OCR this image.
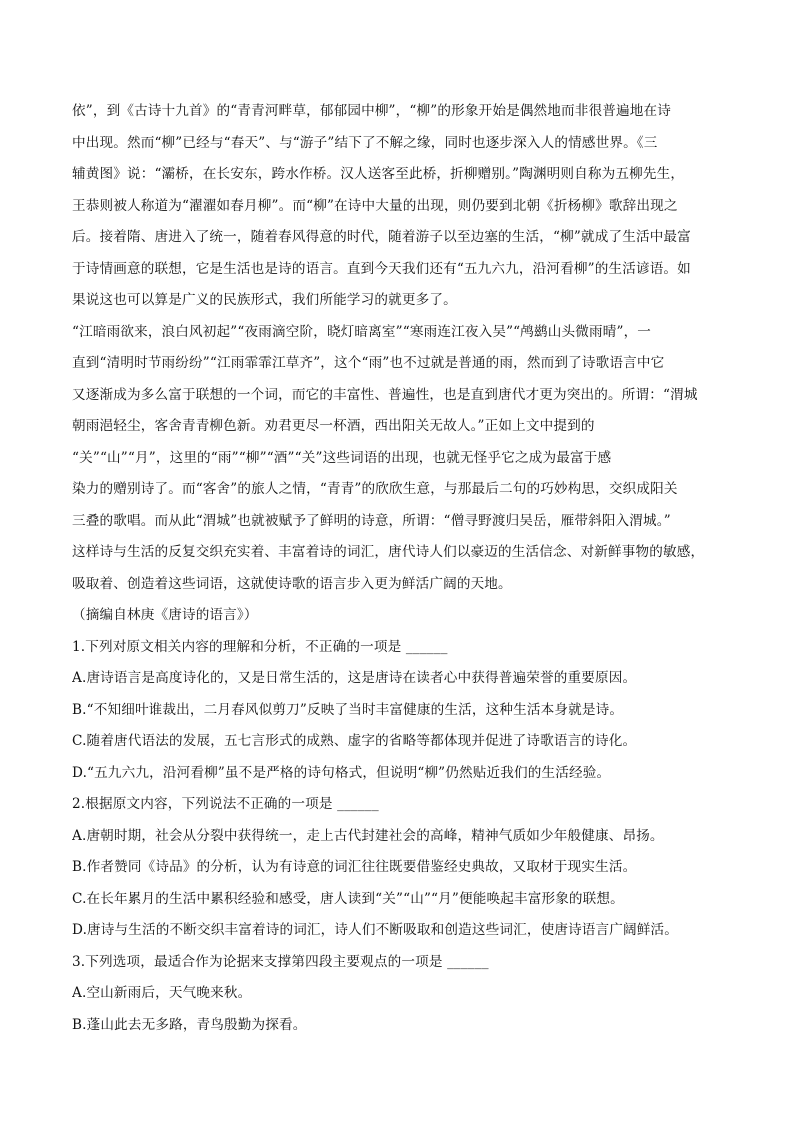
依”，到《古诗十九首》的“青青河畔草，郁郁园中柳”，“柳”的形象开始是偶然地而非很普遍地在诗
中出现。然而“柳”已经与“春天”、与“游子”结下了不解之缘，同时也逐步深入人的情感世界。《三
辅黄图》说：“灞桥，在长安东，跨水作桥。汉人送客至此桥，折柳赠别。”陶渊明则自称为五柳先生，
王恭则被人称道为“濯濯如春月柳”。而“柳”在诗中大量的出现，则仍要到北朝《折杨柳》歌辞出现之
后。接着隋、唐进入了统一，随着春风得意的时代，随着游子以至边塞的生活，“柳”就成了生活中最富
于诗情画意的联想，它是生活也是诗的语言。直到今天我们还有“五九六九，沿河看柳”的生活谚语。如
果说这也可以算是广义的民族形式，我们所能学习的就更多了。
“江暗雨欲来，浪白风初起”“夜雨滴空阶，晓灯暗离室”“寒雨连江夜入吴”“鸬鹚山头微雨晴”，一
直到“清明时节雨纷纷”“江雨霏霏江草齐”，这个“雨”也不过就是普通的雨，然而到了诗歌语言中它
又逐渐成为多么富于联想的一个词，而它的丰富性、普遍性，也是直到唐代才更为突出的。所谓：“渭城
朝雨浥轻尘，客舍青青柳色新。劝君更尽一杯酒，西出阳关无故人。”正如上文中提到的
“关”“山”“月”，这里的“雨”“柳”“酒”“关”这些词语的出现，也就无怪乎它之成为最富于感
染力的赠别诗了。而“客舍”的旅人之情，“青青”的欣欣生意，与那最后二句的巧妙构思，交织成阳关
三叠的歌唱。而从此“渭城”也就被赋予了鲜明的诗意，所谓：“僧寻野渡归吴岳，雁带斜阳入渭城。”
这样诗与生活的反复交织充实着、丰富着诗的词汇，唐代诗人们以豪迈的生活信念、对新鲜事物的敏感，
吸取着、创造着这些词语，这就使诗歌的语言步入更为鲜活广阔的天地。
（摘编自林庚《唐诗的语言》）
1.下列对原文相关内容的理解和分析，不正确的一项是 ______
A.唐诗语言是高度诗化的，又是日常生活的，这是唐诗在读者心中获得普遍荣誉的重要原因。
B.“不知细叶谁裁出，二月春风似剪刀”反映了当时丰富健康的生活，这种生活本身就是诗。
C.随着唐代语法的发展，五七言形式的成熟、虚字的省略等都体现并促进了诗歌语言的诗化。
D.“五九六九，沿河看柳”虽不是严格的诗句格式，但说明“柳”仍然贴近我们的生活经验。
2.根据原文内容，下列说法不正确的一项是 ______
A.唐朝时期，社会从分裂中获得统一，走上古代封建社会的高峰，精神气质如少年般健康、昂扬。
B.作者赞同《诗品》的分析，认为有诗意的词汇往往既要借鉴经史典故，又取材于现实生活。
C.在长年累月的生活中累积经验和感受，唐人读到“关”“山”“月”便能唤起丰富形象的联想。
D.唐诗与生活的不断交织丰富着诗的词汇，诗人们不断吸取和创造这些词汇，使唐诗语言广阔鲜活。
3.下列选项，最适合作为论据来支撑第四段主要观点的一项是 ______
A.空山新雨后，天气晚来秋。
B.蓬山此去无多路，青鸟殷勤为探看。
